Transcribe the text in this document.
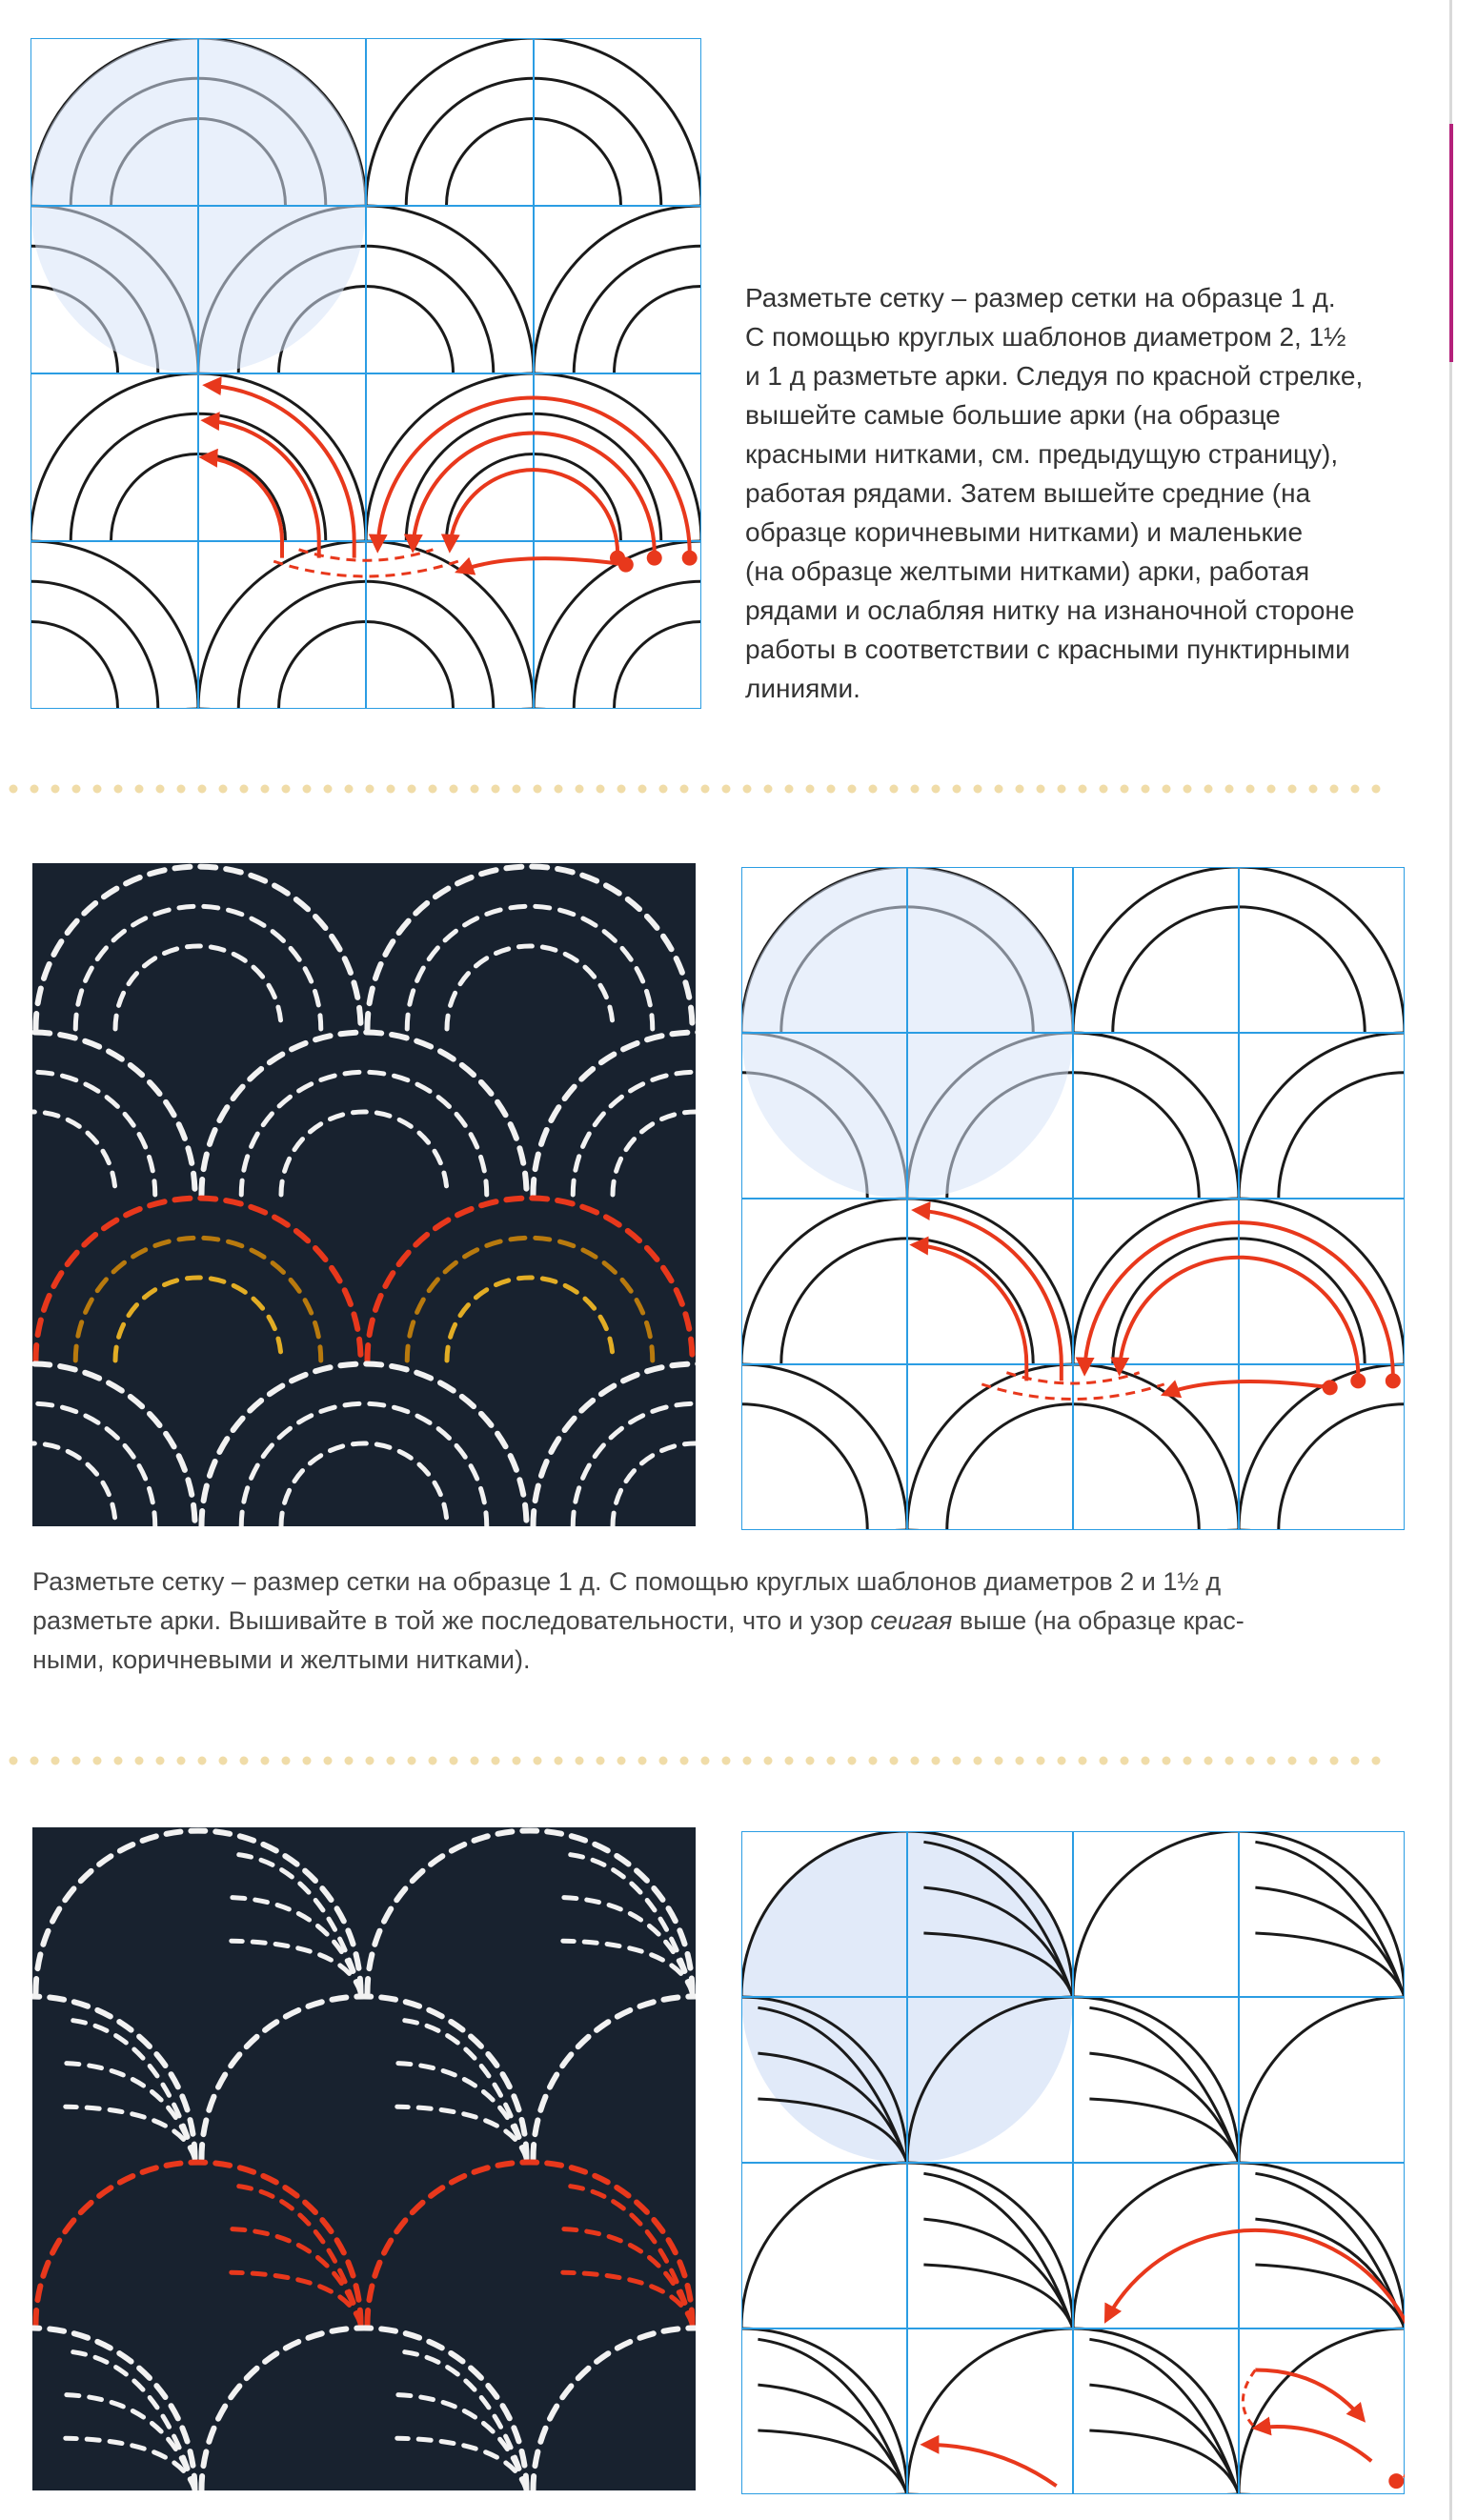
Разметьте сетку – размер сетки на образце 1 д.
С помощью круглых шаблонов диаметром 2, 1½
и 1 д разметьте арки. Следуя по красной стрелке,
вышейте самые большие арки (на образце
красными нитками, см. предыдущую страницу),
работая рядами. Затем вышейте средние (на
образце коричневыми нитками) и маленькие
(на образце желтыми нитками) арки, работая
рядами и ослабляя нитку на изнаночной стороне
работы в соответствии с красными пунктирными
линиями.
Разметьте сетку – размер сетки на образце 1 д. С помощью круглых шаблонов диаметров 2 и 1½ д
разметьте арки. Вышивайте в той же последовательности, что и узор сеигая выше (на образце крас-
ными, коричневыми и желтыми нитками).
